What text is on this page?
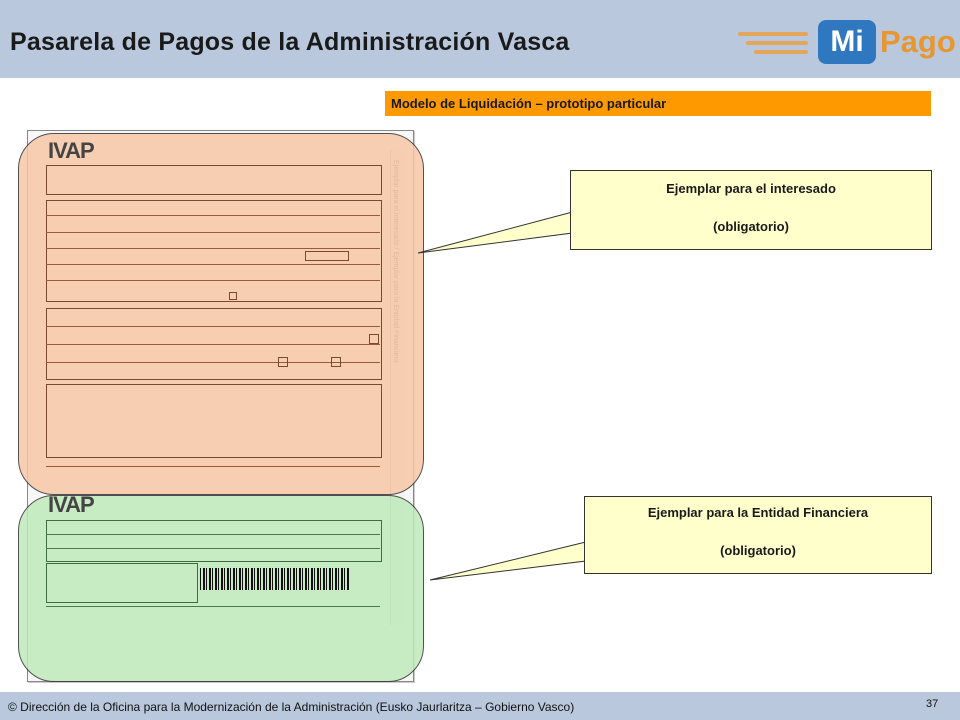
Pasarela de Pagos de la Administración Vasca	Mi Pago
Modelo de Liquidación – prototipo particular
IVAP
IVAP
Ejemplar para el interesado
(obligatorio)
Ejemplar para la Entidad Financiera
(obligatorio)
© Dirección de la Oficina para la Modernización de la Administración (Eusko Jaurlaritza – Gobierno Vasco)	37
